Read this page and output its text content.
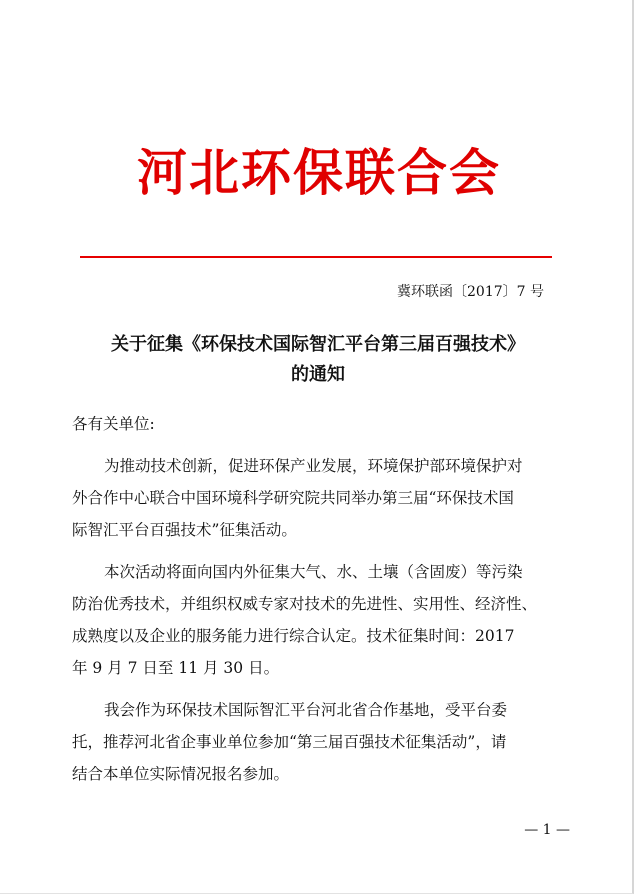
河北环保联合会
冀环联函〔2017〕7 号
关于征集《环保技术国际智汇平台第三届百强技术》
的通知
各有关单位:
为推动技术创新，促进环保产业发展，环境保护部环境保护对
外合作中心联合中国环境科学研究院共同举办第三届“环保技术国
际智汇平台百强技术”征集活动。
本次活动将面向国内外征集大气、水、土壤（含固废）等污染
防治优秀技术，并组织权威专家对技术的先进性、实用性、经济性、
成熟度以及企业的服务能力进行综合认定。技术征集时间：2017
年 9 月 7 日至 11 月 30 日。
我会作为环保技术国际智汇平台河北省合作基地，受平台委
托，推荐河北省企事业单位参加“第三届百强技术征集活动”，请
结合本单位实际情况报名参加。
— 1 —
